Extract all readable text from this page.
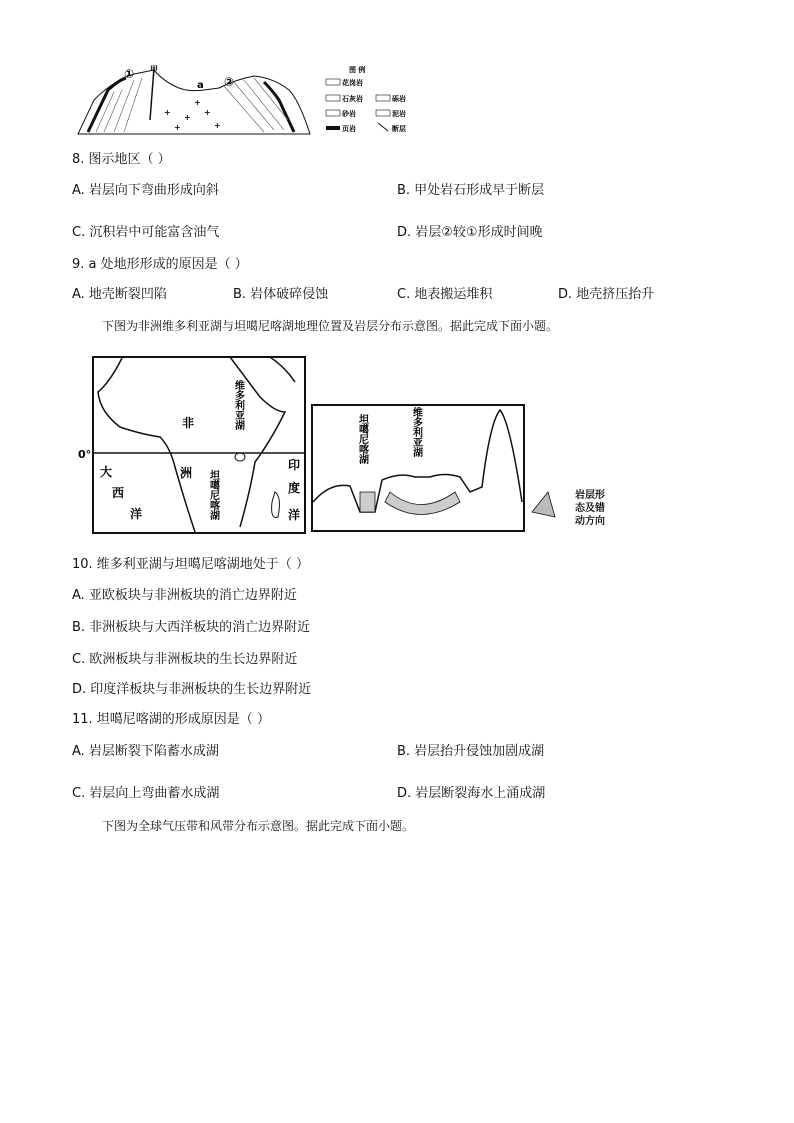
+
+
+
+	+
+
① 甲
a ②
图 例
花岗岩
石灰岩	砾岩
砂岩	泥岩
页岩	断层
8. 图示地区（ ）
A. 岩层向下弯曲形成向斜	B. 甲处岩石形成早于断层
C. 沉积岩中可能富含油气	D. 岩层②较①形成时间晚
9. a 处地形形成的原因是（ ）
A. 地壳断裂凹陷	B. 岩体破碎侵蚀	C. 地表搬运堆积	D. 地壳挤压抬升
下图为非洲维多利亚湖与坦噶尼喀湖地理位置及岩层分布示意图。据此完成下面小题。
0°
非
洲
大
西
洋
印
度
洋
维多利亚湖
坦噶尼喀湖
坦噶尼喀湖	维多利亚湖
岩层形态及错动方向
10. 维多利亚湖与坦噶尼喀湖地处于（ ）
A. 亚欧板块与非洲板块的消亡边界附近
B. 非洲板块与大西洋板块的消亡边界附近
C. 欧洲板块与非洲板块的生长边界附近
D. 印度洋板块与非洲板块的生长边界附近
11. 坦噶尼喀湖的形成原因是（ ）
A. 岩层断裂下陷蓄水成湖	B. 岩层抬升侵蚀加剧成湖
C. 岩层向上弯曲蓄水成湖	D. 岩层断裂海水上涌成湖
下图为全球气压带和风带分布示意图。据此完成下面小题。
